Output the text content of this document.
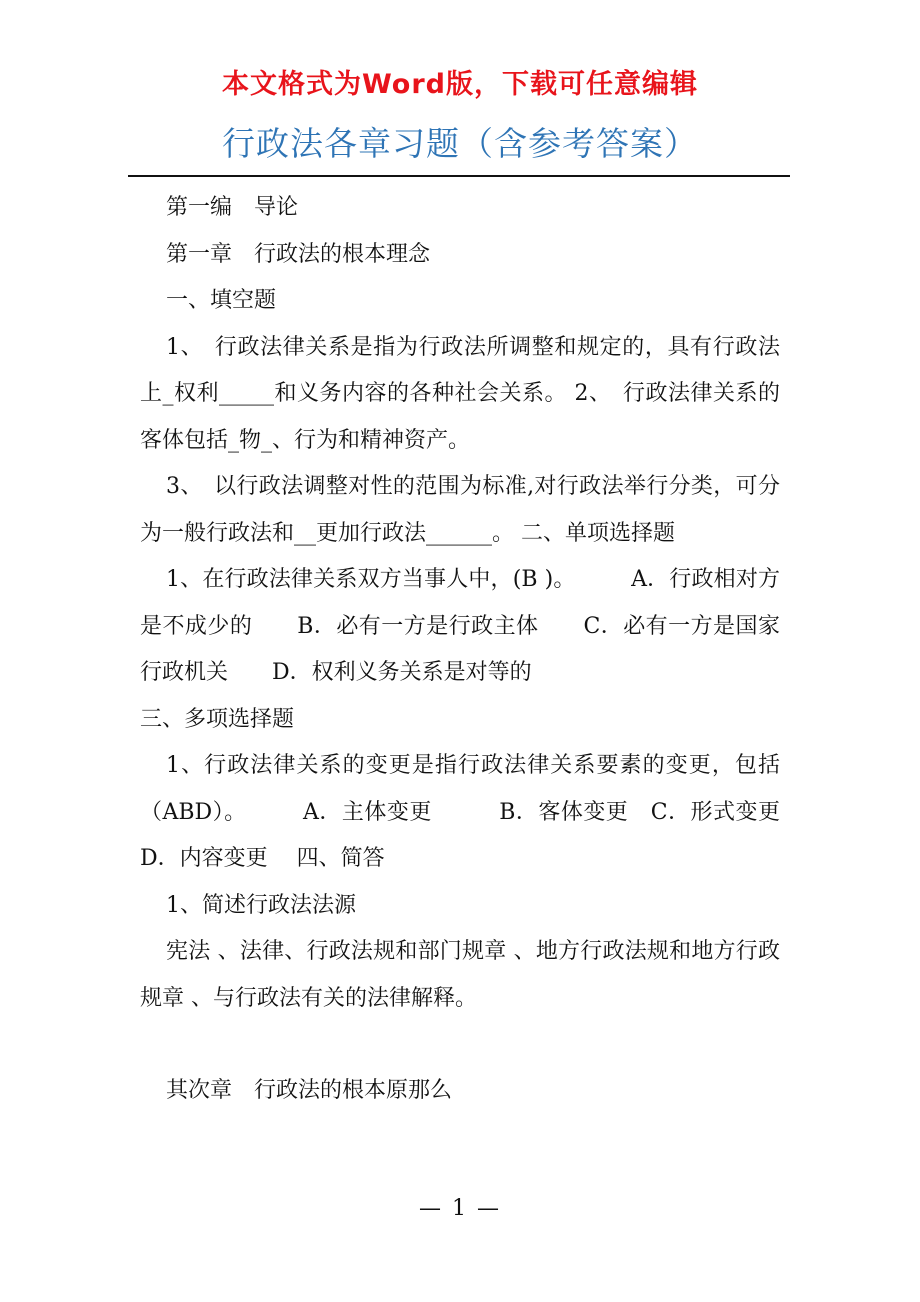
本文格式为Word版，下载可任意编辑
行政法各章习题（含参考答案）

第一编　导论

第一章　行政法的根本理念

一、填空题

1、　行政法律关系是指为行政法所调整和规定的，具有行政法上_权利_____和义务内容的各种社会关系。 2、　行政法律关系的客体包括_物_、行为和精神资产。

3、　以行政法调整对性的范围为标准,对行政法举行分类，可分为一般行政法和__更加行政法______。 二、单项选择题

1、在行政法律关系双方当事人中，(B )。　　　A．行政相对方是不成少的　　B．必有一方是行政主体　　C．必有一方是国家行政机关　　D．权利义务关系是对等的

三、多项选择题

1、行政法律关系的变更是指行政法律关系要素的变更，包括（ABD）。　　　A．主体变更　　　B．客体变更　C．形式变更　　D．内容变更　 四、简答

1、简述行政法法源

宪法 、法律、行政法规和部门规章 、地方行政法规和地方行政规章 、与行政法有关的法律解释。

其次章　行政法的根本原那么

— 1 —
